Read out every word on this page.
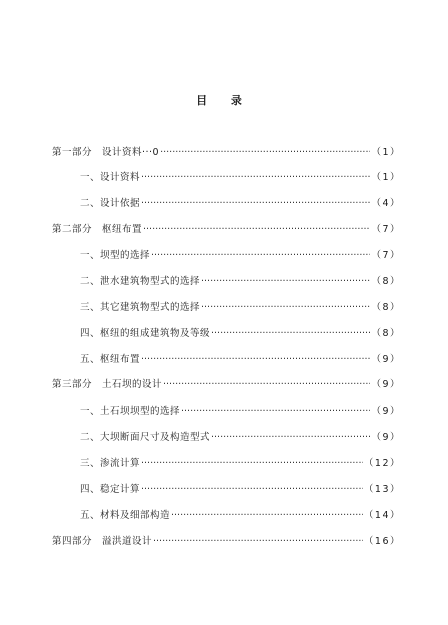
目 录
第一部分　设计资料···0 ·····	（1）
一、设计资料 ·····	（1）
二、设计依据 ·····	（4）
第二部分　枢纽布置 ·····	（7）
一、坝型的选择 ·····	（7）
二、泄水建筑物型式的选择 ·····	（8）
三、其它建筑物型式的选择 ·····	（8）
四、枢纽的组成建筑物及等级 ·····	（8）
五、枢纽布置 ·····	（9）
第三部分　土石坝的设计 ·····	（9）
一、土石坝坝型的选择 ·····	（9）
二、大坝断面尺寸及构造型式 ·····	（9）
三、渗流计算 ·····	（12）
四、稳定计算 ·····	（13）
五、材料及细部构造 ·····	（14）
第四部分　溢洪道设计 ·····	（16）
